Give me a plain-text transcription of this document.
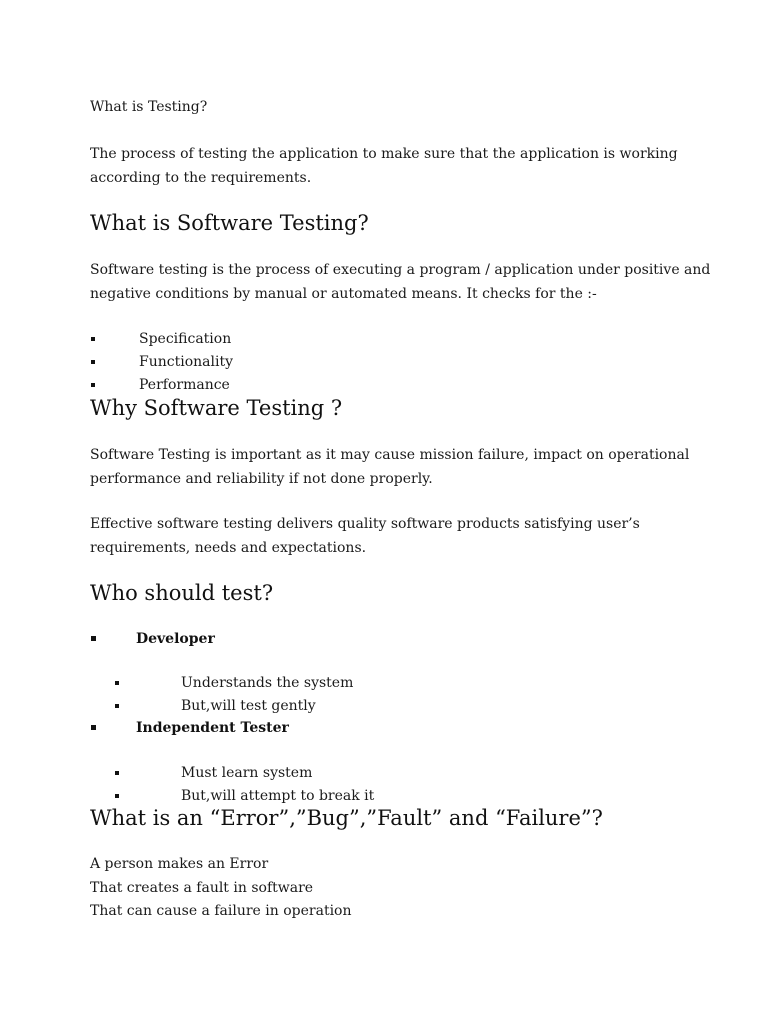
What is Testing?
The process of testing the application to make sure that the application is working
according to the requirements.
What is Software Testing?
Software testing is the process of executing a program / application under positive and
negative conditions by manual or automated means. It checks for the :-
Specification
Functionality
Performance
Why Software Testing ?
Software Testing is important as it may cause mission failure, impact on operational
performance and reliability if not done properly.
Effective software testing delivers quality software products satisfying user’s
requirements, needs and expectations.
Who should test?
Developer
Understands the system
But,will test gently
Independent Tester
Must learn system
But,will attempt to break it
What is an “Error”,”Bug”,”Fault” and “Failure”?
A person makes an Error
That creates a fault in software
That can cause a failure in operation
